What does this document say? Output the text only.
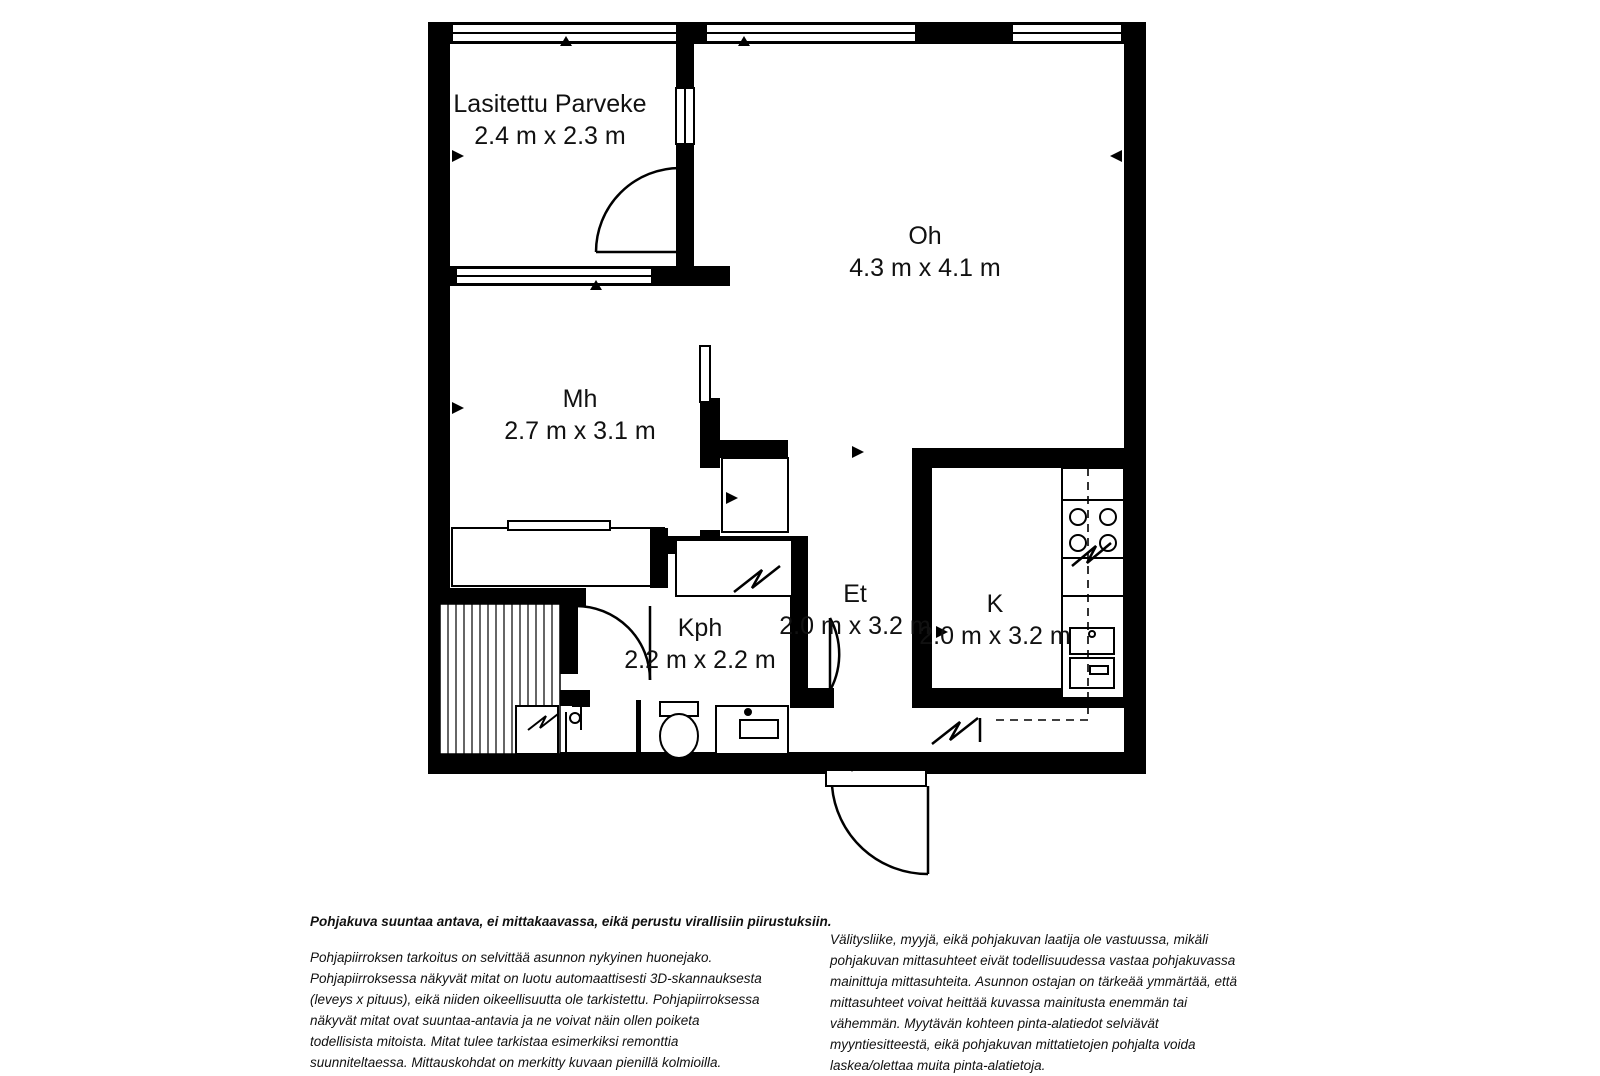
Lasitettu Parveke
2.4 m x 2.3 m
Oh
4.3 m x 4.1 m
Mh
2.7 m x 3.1 m
Kph
2.2 m x 2.2 m
Et
2.0 m x 3.2 m
K
2.0 m x 3.2 m
Pohjakuva suuntaa antava, ei mittakaavassa, eikä perustu virallisiin piirustuksiin.
Pohjapiirroksen tarkoitus on selvittää asunnon nykyinen huonejako. Pohjapiirroksessa näkyvät mitat on luotu automaattisesti 3D-skannauksesta (leveys x pituus), eikä niiden oikeellisuutta ole tarkistettu. Pohjapiirroksessa näkyvät mitat ovat suuntaa-antavia ja ne voivat näin ollen poiketa todellisista mitoista. Mitat tulee tarkistaa esimerkiksi remonttia suunniteltaessa. Mittauskohdat on merkitty kuvaan pienillä kolmioilla.
Välitysliike, myyjä, eikä pohjakuvan laatija ole vastuussa, mikäli pohjakuvan mittasuhteet eivät todellisuudessa vastaa pohjakuvassa mainittuja mittasuhteita. Asunnon ostajan on tärkeää ymmärtää, että mittasuhteet voivat heittää kuvassa mainitusta enemmän tai vähemmän. Myytävän kohteen pinta-alatiedot selviävät myyntiesitteestä, eikä pohjakuvan mittatietojen pohjalta voida laskea/olettaa muita pinta-alatietoja.
